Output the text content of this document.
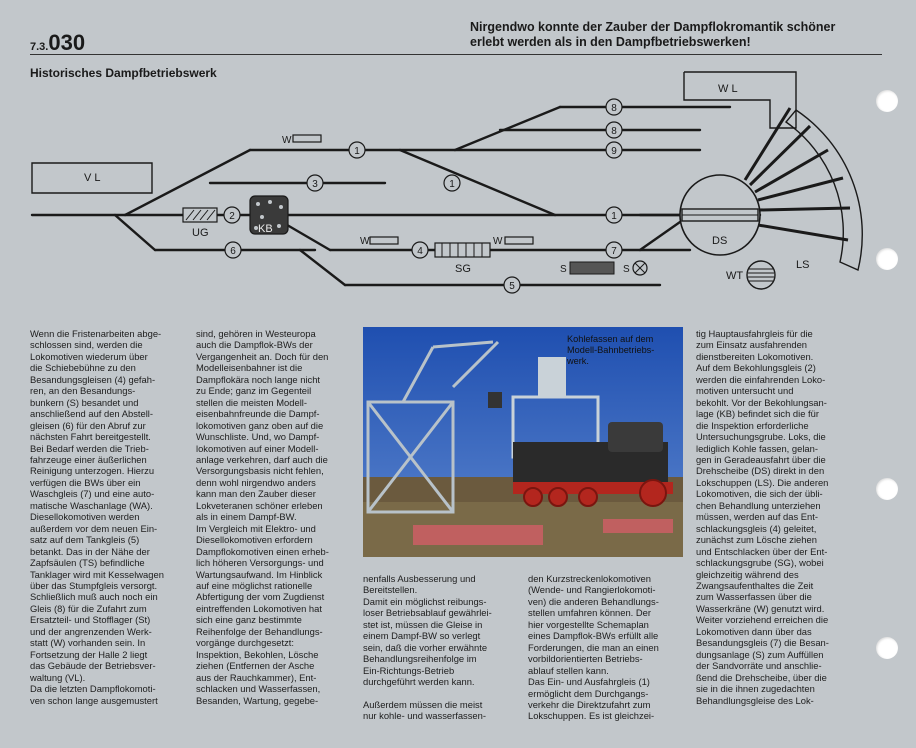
7.3.030
Nirgendwo konnte der Zauber der Dampflokromantik schöner erlebt werden als in den Dampfbetriebswerken!
Historisches Dampfbetriebswerk
V L
W L
LS
DS
WT
UG	KB
SG
W
W	W
S	S
1
1
1
2
3
4
5
6	7
8
8
9

Wenn die Fristenarbeiten abge-
schlossen sind, werden die
Lokomotiven wiederum über
die Schiebebühne zu den
Besandungsgleisen (4) gefah-
ren, an den Besandungs-
bunkern (S) besandet und
anschließend auf den Abstell-
gleisen (6) für den Abruf zur
nächsten Fahrt bereitgestellt.
Bei Bedarf werden die Trieb-
fahrzeuge einer äußerlichen
Reinigung unterzogen. Hierzu
verfügen die BWs über ein
Waschgleis (7) und eine auto-
matische Waschanlage (WA).
Diesellokomotiven werden
außerdem vor dem neuen Ein-
satz auf dem Tankgleis (5)
betankt. Das in der Nähe der
Zapfsäulen (TS) befindliche
Tanklager wird mit Kesselwagen
über das Stumpfgleis versorgt.
Schließlich muß auch noch ein
Gleis (8) für die Zufahrt zum
Ersatzteil- und Stofflager (St)
und der angrenzenden Werk-
statt (W) vorhanden sein. In
Fortsetzung der Halle 2 liegt
das Gebäude der Betriebsver-
waltung (VL).
Da die letzten Dampflokomoti-
ven schon lange ausgemustert

sind, gehören in Westeuropa
auch die Dampflok-BWs der
Vergangenheit an. Doch für den
Modelleisenbahner ist die
Dampflokära noch lange nicht
zu Ende; ganz im Gegenteil
stellen die meisten Modell-
eisenbahnfreunde die Dampf-
lokomotiven ganz oben auf die
Wunschliste. Und, wo Dampf-
lokomotiven auf einer Modell-
anlage verkehren, darf auch die
Versorgungsbasis nicht fehlen,
denn wohl nirgendwo anders
kann man den Zauber dieser
Lokveteranen schöner erleben
als in einem Dampf-BW.
Im Vergleich mit Elektro- und
Diesellokomotiven erfordern
Dampflokomotiven einen erheb-
lich höheren Versorgungs- und
Wartungsaufwand. Im Hinblick
auf eine möglichst rationelle
Abfertigung der vom Zugdienst
eintreffenden Lokomotiven hat
sich eine ganz bestimmte
Reihenfolge der Behandlungs-
vorgänge durchgesetzt:
Inspektion, Bekohlen, Lösche
ziehen (Entfernen der Asche
aus der Rauchkammer), Ent-
schlacken und Wasserfassen,
Besanden, Wartung, gegebe-

Kohlefassen auf dem
Modell-Bahnbetriebs-
werk.

nenfalls Ausbesserung und
Bereitstellen.
Damit ein möglichst reibungs-
loser Betriebsablauf gewährlei-
stet ist, müssen die Gleise in
einem Dampf-BW so verlegt
sein, daß die vorher erwähnte
Behandlungsreihenfolge im
Ein-Richtungs-Betrieb
durchgeführt werden kann.

Außerdem müssen die meist
nur kohle- und wasserfassen-

den Kurzstreckenlokomotiven
(Wende- und Rangierlokomoti-
ven) die anderen Behandlungs-
stellen umfahren können. Der
hier vorgestellte Schemaplan
eines Dampflok-BWs erfüllt alle
Forderungen, die man an einen
vorbildorientierten Betriebs-
ablauf stellen kann.
Das Ein- und Ausfahrgleis (1)
ermöglicht dem Durchgangs-
verkehr die Direktzufahrt zum
Lokschuppen. Es ist gleichzei-

tig Hauptausfahrgleis für die
zum Einsatz ausfahrenden
dienstbereiten Lokomotiven.
Auf dem Bekohlungsgleis (2)
werden die einfahrenden Loko-
motiven untersucht und
bekohlt. Vor der Bekohlungsan-
lage (KB) befindet sich die für
die Inspektion erforderliche
Untersuchungsgrube. Loks, die
lediglich Kohle fassen, gelan-
gen in Geradeausfahrt über die
Drehscheibe (DS) direkt in den
Lokschuppen (LS). Die anderen
Lokomotiven, die sich der übli-
chen Behandlung unterziehen
müssen, werden auf das Ent-
schlackungsgleis (4) geleitet,
zunächst zum Lösche ziehen
und Entschlacken über der Ent-
schlackungsgrube (SG), wobei
gleichzeitig während des
Zwangsaufenthaltes die Zeit
zum Wasserfassen über die
Wasserkräne (W) genutzt wird.
Weiter vorziehend erreichen die
Lokomotiven dann über das
Besandungsgleis (7) die Besan-
dungsanlage (S) zum Auffüllen
der Sandvorräte und anschlie-
ßend die Drehscheibe, über die
sie in die ihnen zugedachten
Behandlungsgleise des Lok-
